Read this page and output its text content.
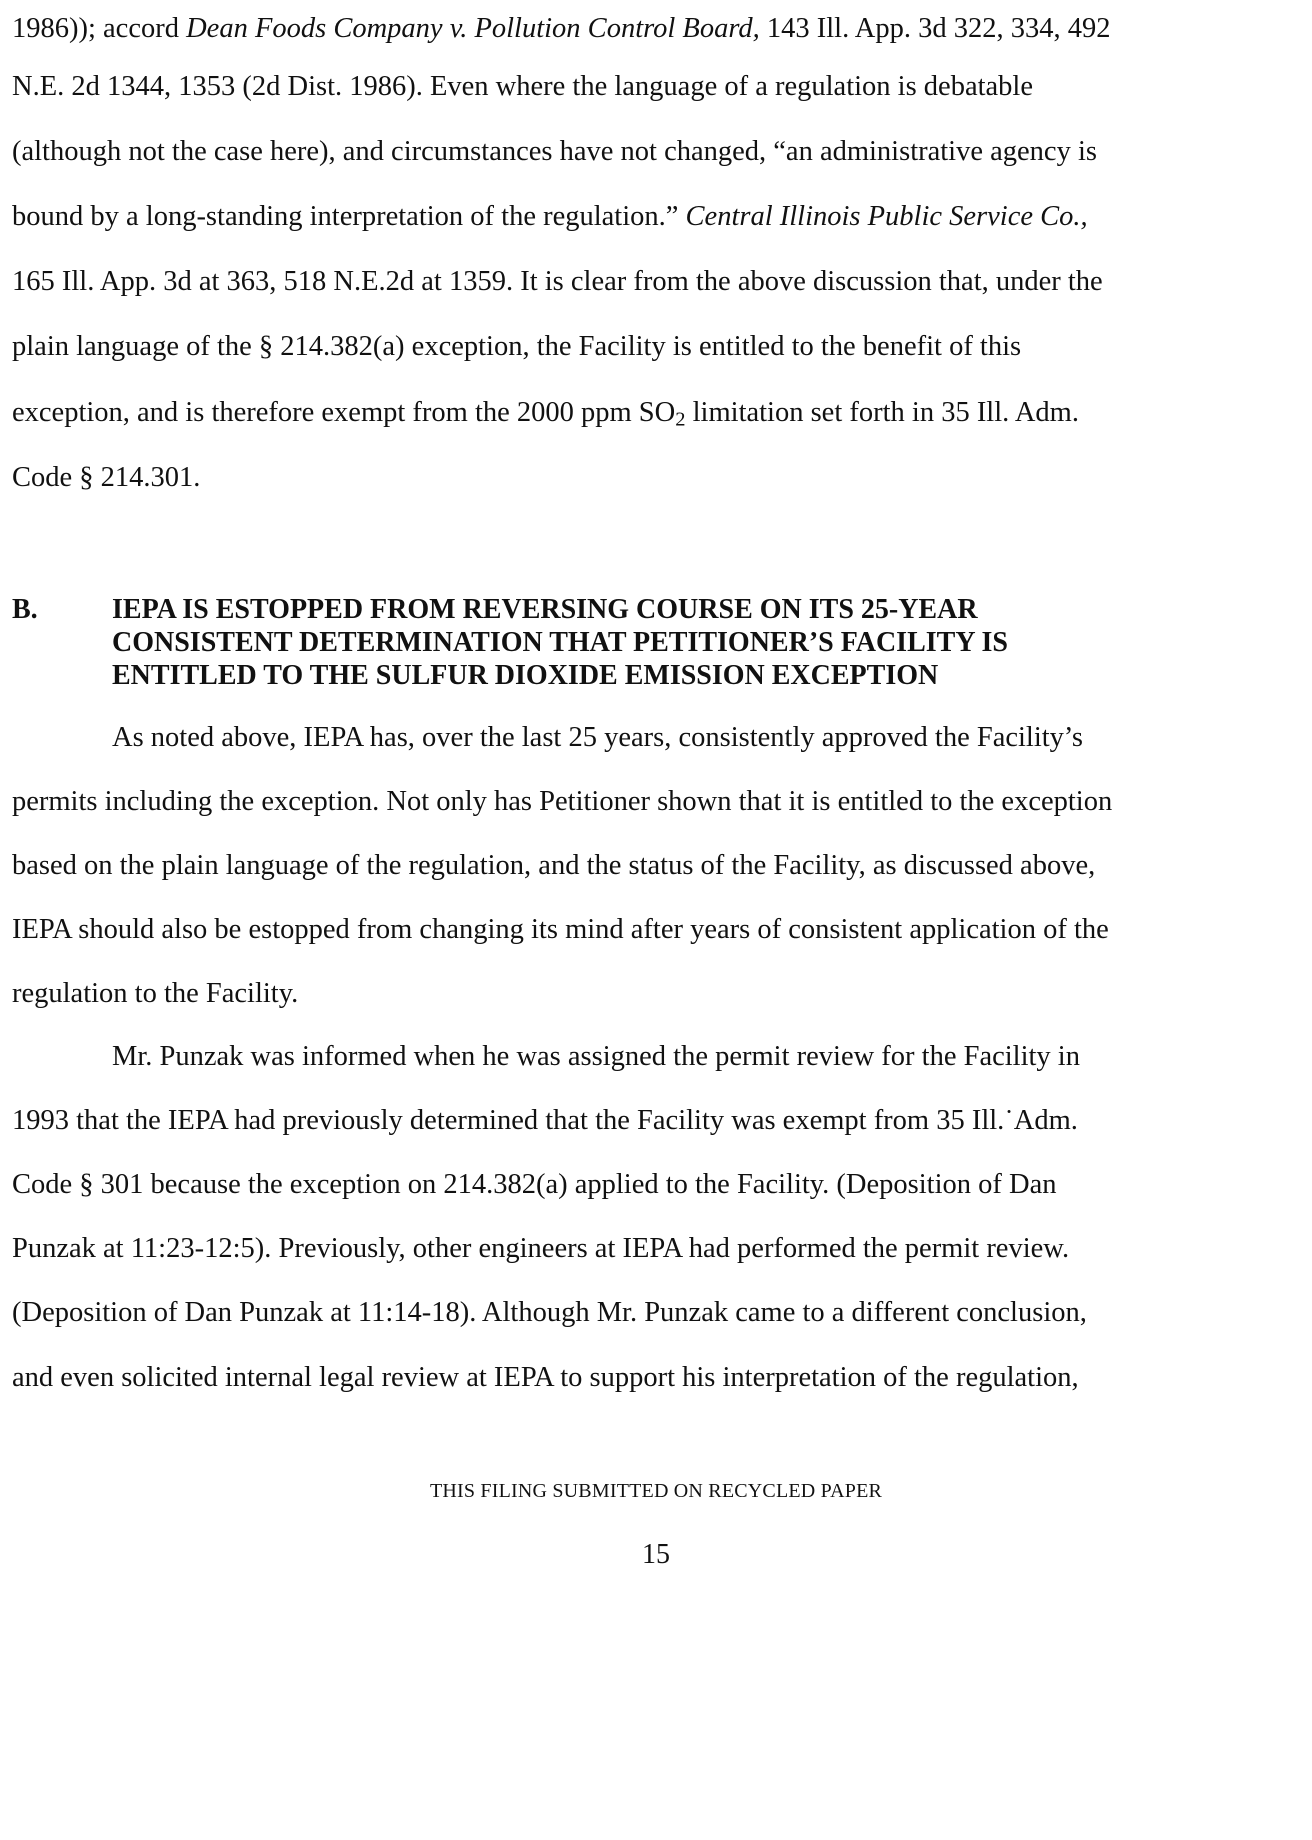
1986)); accord Dean Foods Company v. Pollution Control Board, 143 Ill. App. 3d 322, 334, 492
N.E. 2d 1344, 1353 (2d Dist. 1986). Even where the language of a regulation is debatable
(although not the case here), and circumstances have not changed, “an administrative agency is
bound by a long-standing interpretation of the regulation.” Central Illinois Public Service Co.,
165 Ill. App. 3d at 363, 518 N.E.2d at 1359. It is clear from the above discussion that, under the
plain language of the § 214.382(a) exception, the Facility is entitled to the benefit of this
exception, and is therefore exempt from the 2000 ppm $SO_2$ limitation set forth in 35 Ill. Adm.
Code § 214.301.
B.	IEPA IS ESTOPPED FROM REVERSING COURSE ON ITS 25-YEAR
CONSISTENT DETERMINATION THAT PETITIONER’S FACILITY IS
ENTITLED TO THE SULFUR DIOXIDE EMISSION EXCEPTION
As noted above, IEPA has, over the last 25 years, consistently approved the Facility’s
permits including the exception. Not only has Petitioner shown that it is entitled to the exception
based on the plain language of the regulation, and the status of the Facility, as discussed above,
IEPA should also be estopped from changing its mind after years of consistent application of the
regulation to the Facility.
Mr. Punzak was informed when he was assigned the permit review for the Facility in
1993 that the IEPA had previously determined that the Facility was exempt from 35 Ill.˙Adm.
Code § 301 because the exception on 214.382(a) applied to the Facility. (Deposition of Dan
Punzak at 11:23-12:5). Previously, other engineers at IEPA had performed the permit review.
(Deposition of Dan Punzak at 11:14-18). Although Mr. Punzak came to a different conclusion,
and even solicited internal legal review at IEPA to support his interpretation of the regulation,
THIS FILING SUBMITTED ON RECYCLED PAPER
15
